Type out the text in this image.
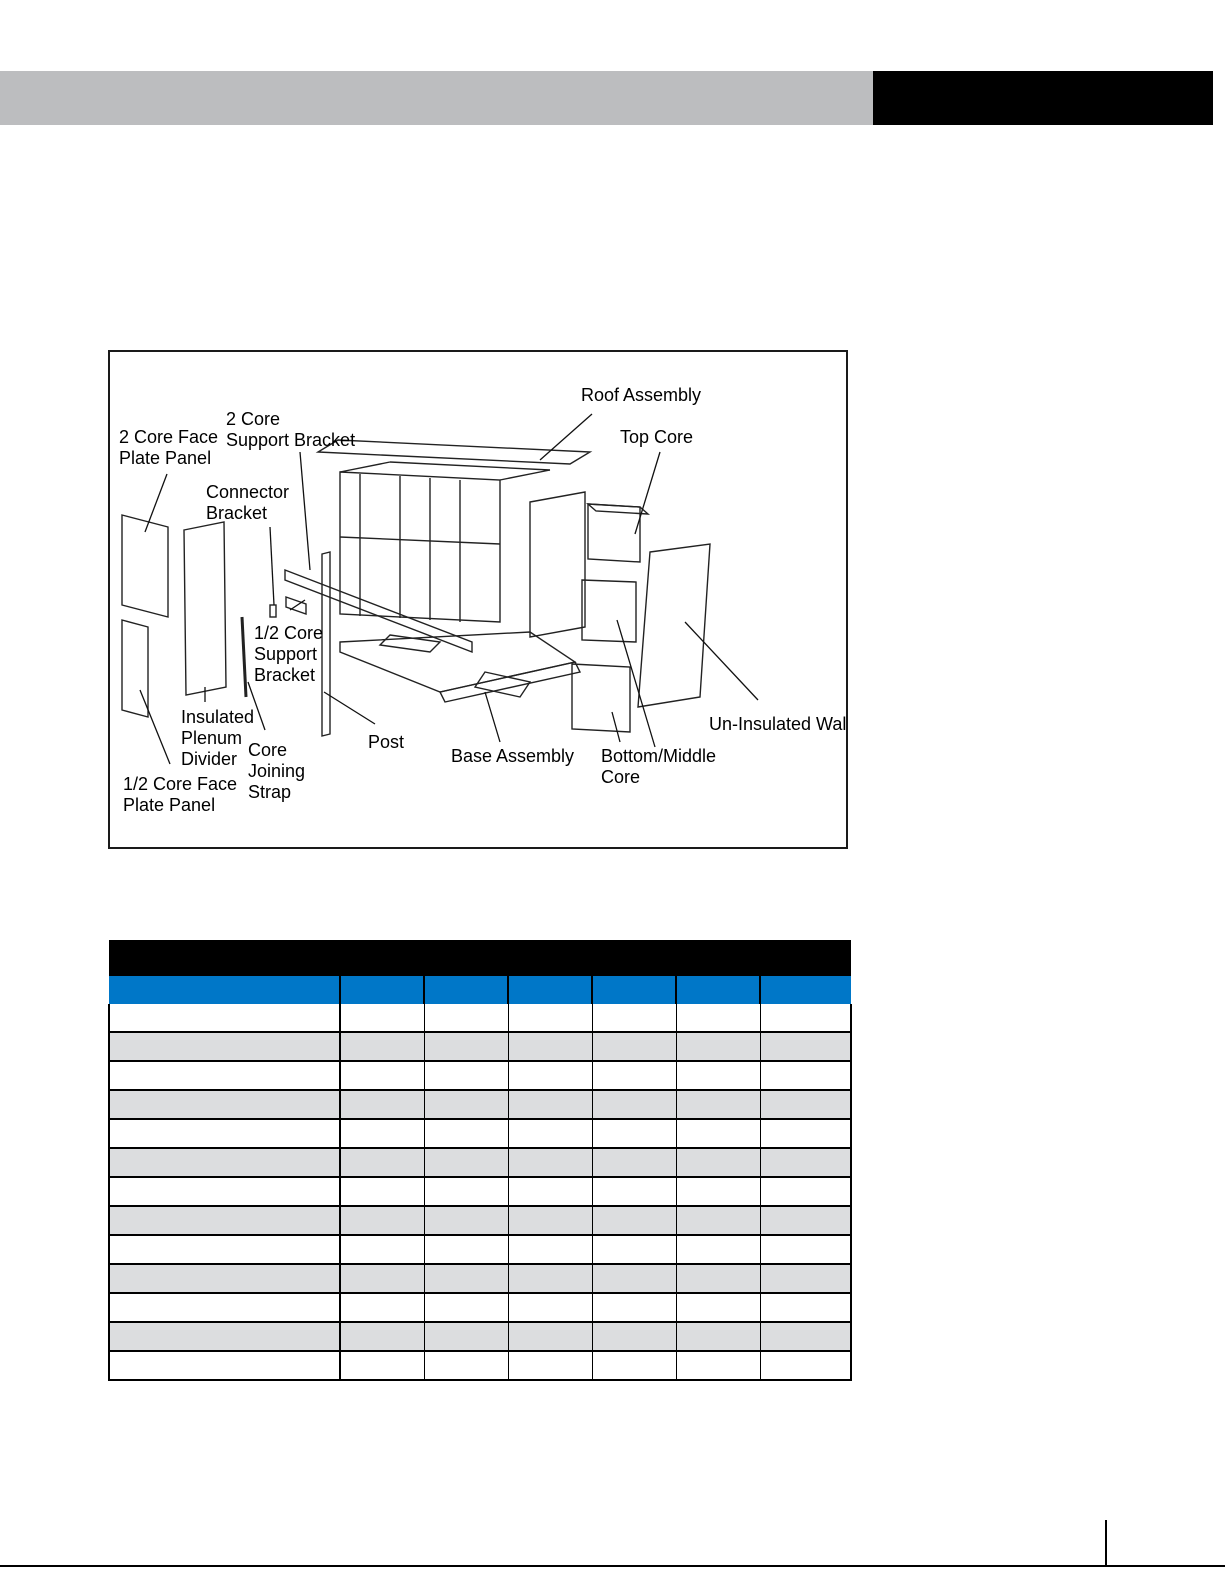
Roof Assembly
Top Core
2 Core
Support Bracket
2 Core Face
Plate Panel
Connector
Bracket
1/2 Core
Support
Bracket
Insulated
Plenum
Divider Core
Joining
Strap
1/2 Core Face
Plate Panel
Post
Base Assembly Bottom/Middle
Core
Un-Insulated Wall
